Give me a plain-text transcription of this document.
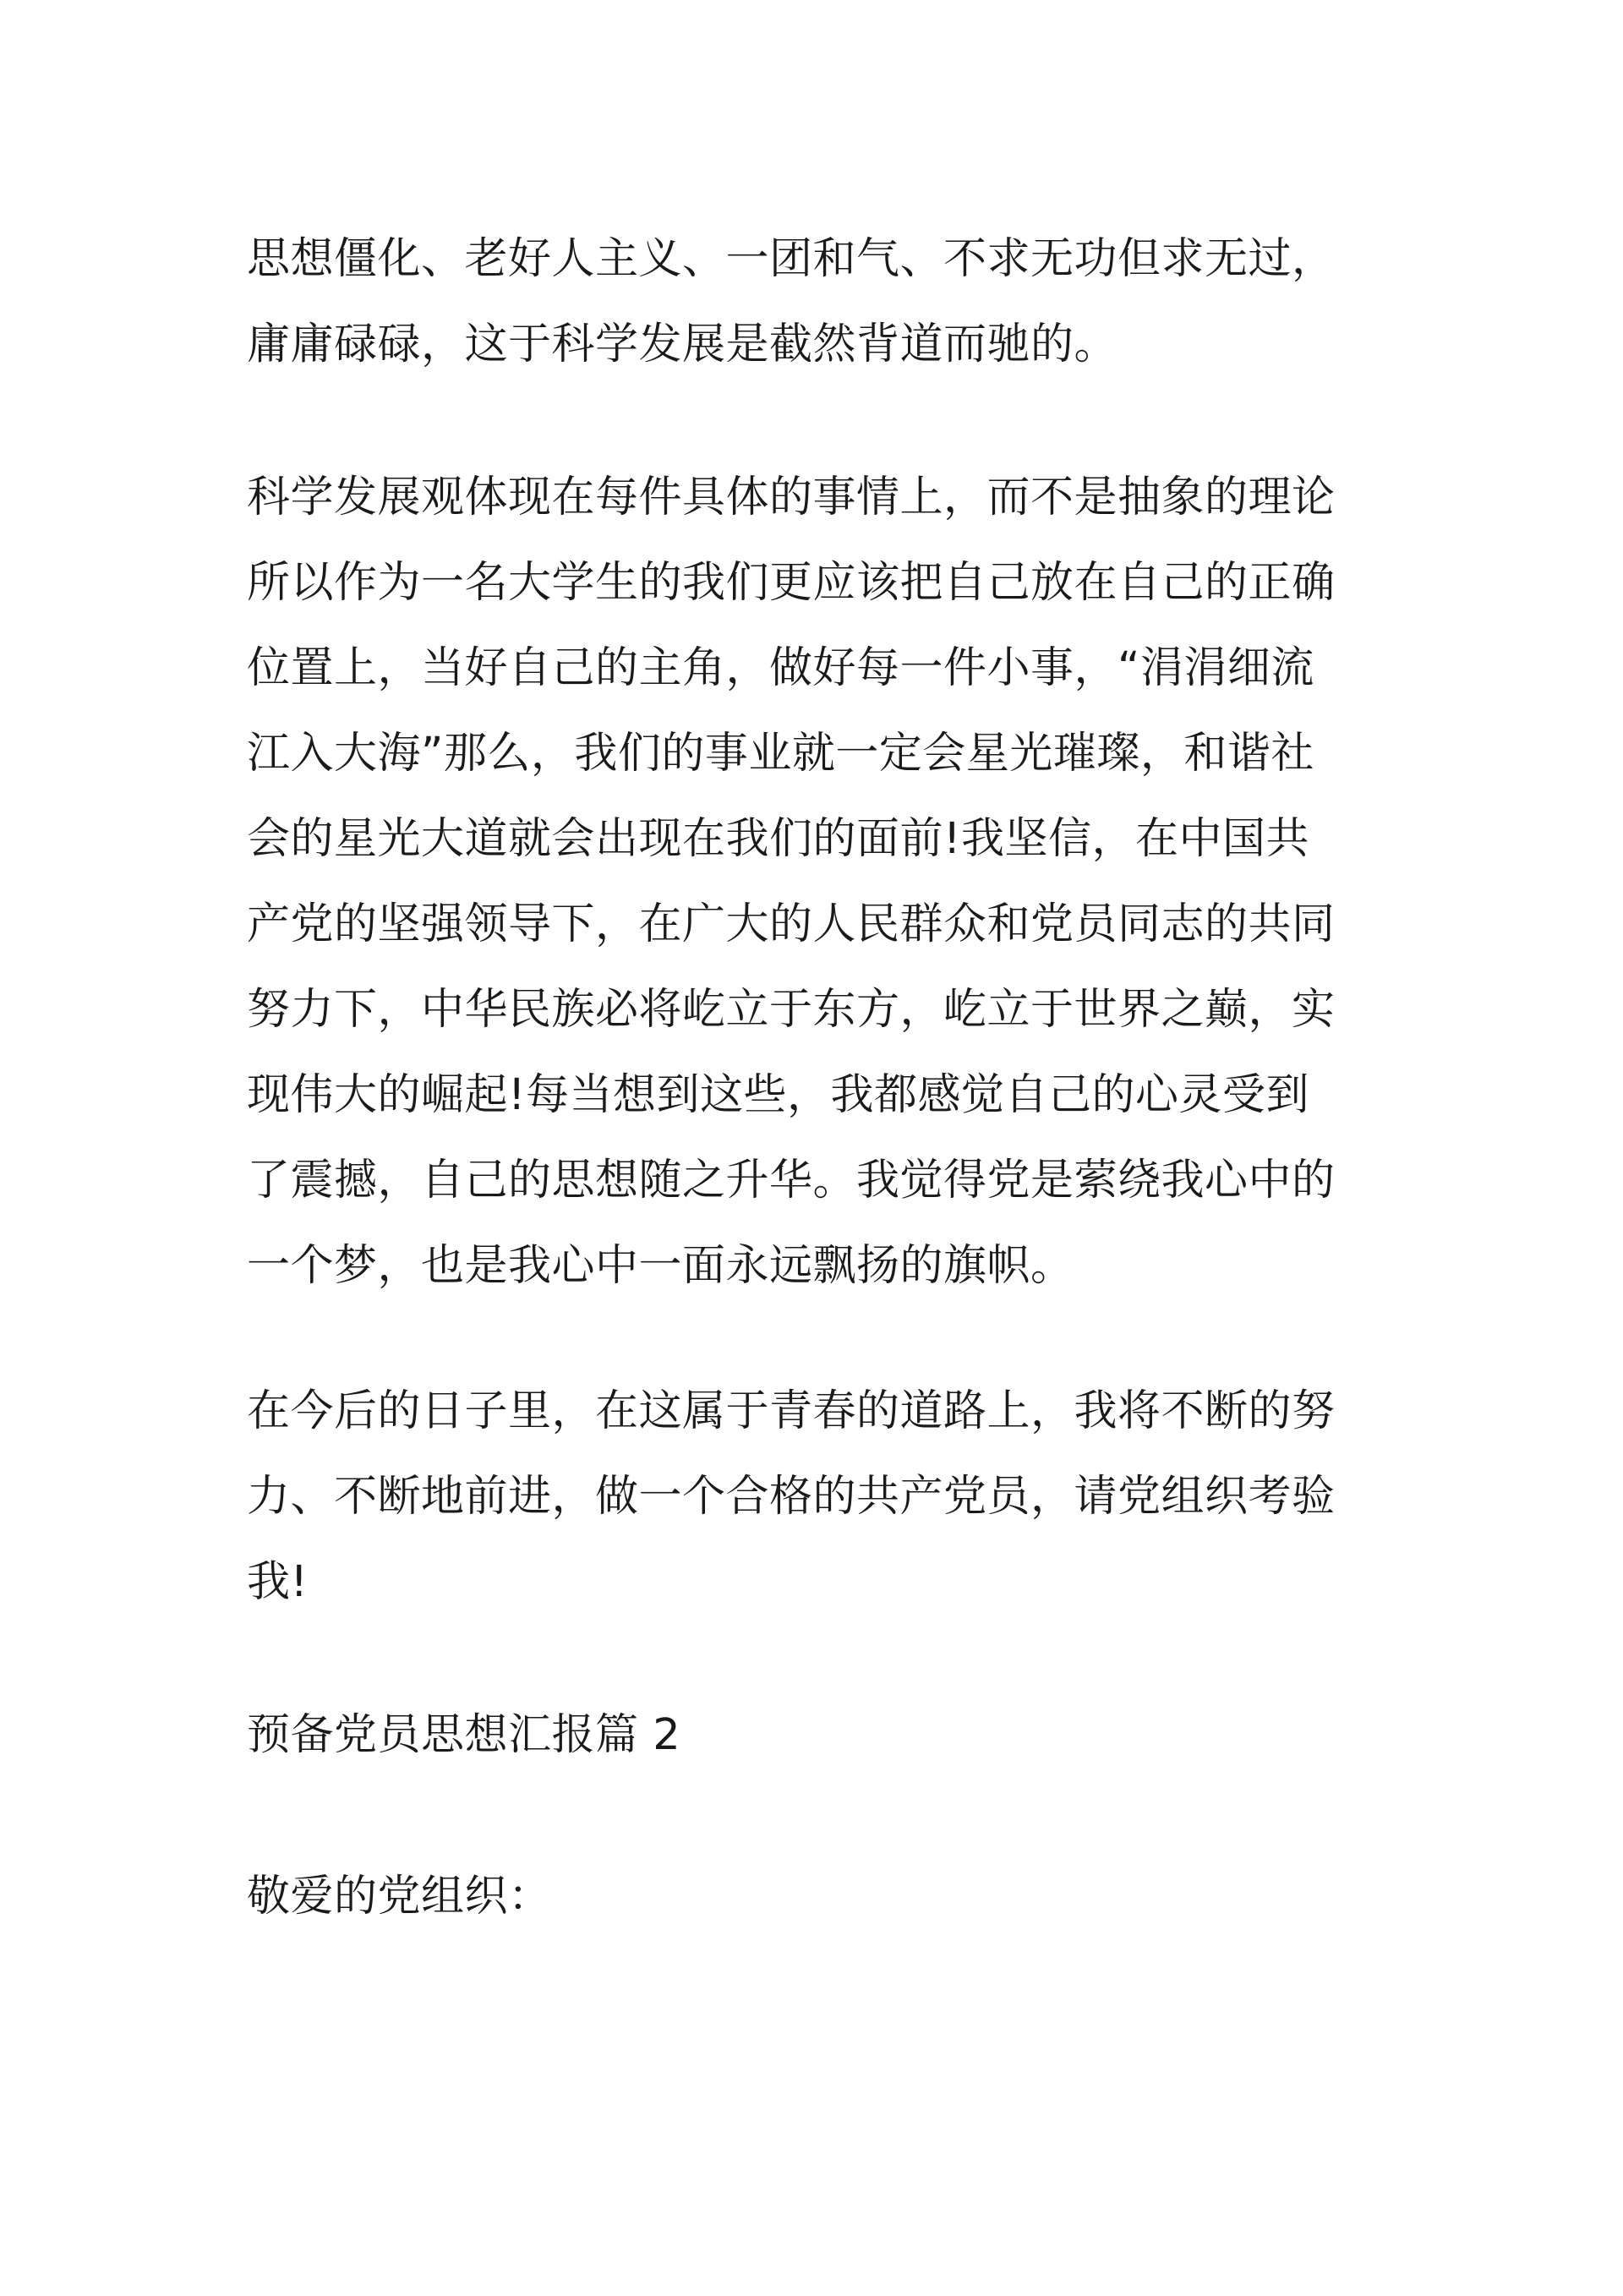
思想僵化、老好人主义、一团和气、不求无功但求无过，
庸庸碌碌，这于科学发展是截然背道而驰的。

科学发展观体现在每件具体的事情上，而不是抽象的理论
所以作为一名大学生的我们更应该把自己放在自己的正确
位置上，当好自己的主角，做好每一件小事，“涓涓细流
江入大海”那么，我们的事业就一定会星光璀璨，和谐社
会的星光大道就会出现在我们的面前!我坚信，在中国共
产党的坚强领导下，在广大的人民群众和党员同志的共同
努力下，中华民族必将屹立于东方，屹立于世界之巅，实
现伟大的崛起!每当想到这些，我都感觉自己的心灵受到
了震撼，自己的思想随之升华。我觉得党是萦绕我心中的
一个梦，也是我心中一面永远飘扬的旗帜。

在今后的日子里，在这属于青春的道路上，我将不断的努
力、不断地前进，做一个合格的共产党员，请党组织考验
我!

预备党员思想汇报篇 2

敬爱的党组织：
